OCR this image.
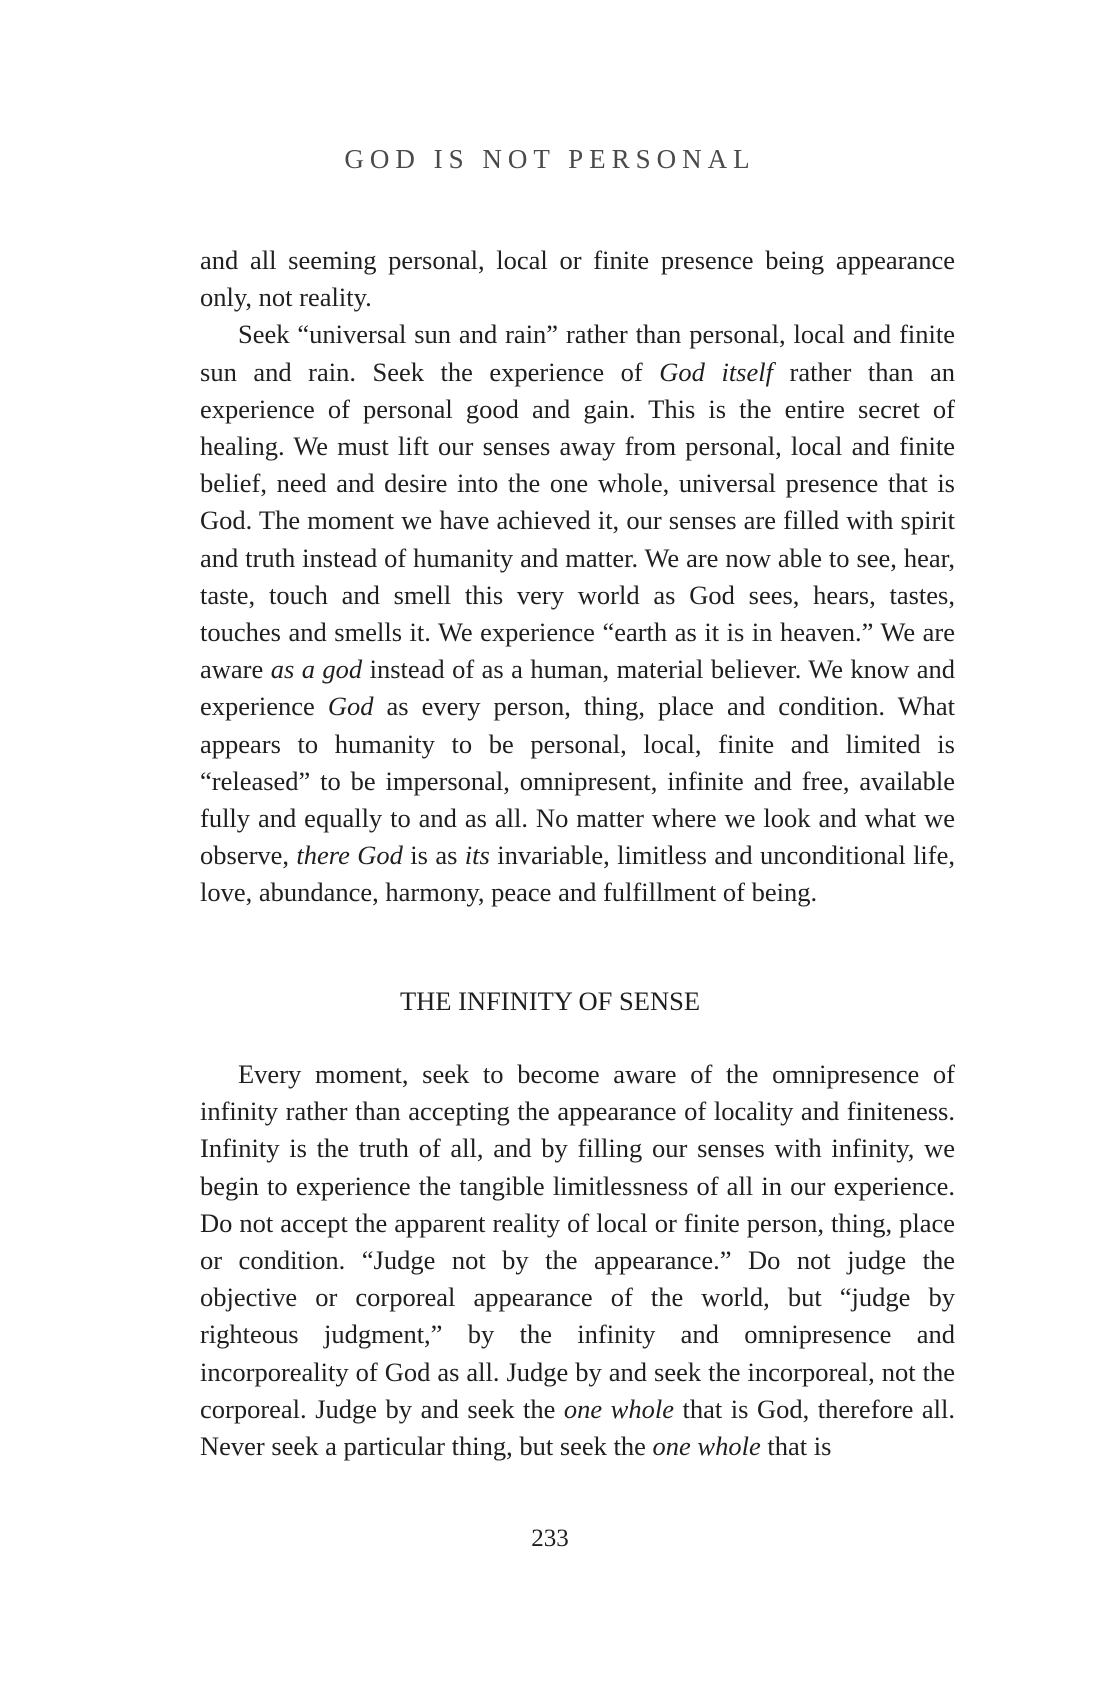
GOD IS NOT PERSONAL

and all seeming personal, local or finite presence being appearance only, not reality.

Seek “universal sun and rain” rather than personal, local and finite sun and rain. Seek the experience of God itself rather than an experience of personal good and gain. This is the entire secret of healing. We must lift our senses away from personal, local and finite belief, need and desire into the one whole, universal presence that is God. The moment we have achieved it, our senses are filled with spirit and truth instead of humanity and matter. We are now able to see, hear, taste, touch and smell this very world as God sees, hears, tastes, touches and smells it. We experience “earth as it is in heaven.” We are aware as a god instead of as a human, material believer. We know and experience God as every person, thing, place and condition. What appears to humanity to be personal, local, finite and limited is “released” to be impersonal, omnipresent, infinite and free, available fully and equally to and as all. No matter where we look and what we observe, there God is as its invariable, limitless and unconditional life, love, abundance, harmony, peace and fulfillment of being.

THE INFINITY OF SENSE

Every moment, seek to become aware of the omnipresence of infinity rather than accepting the appearance of locality and finiteness. Infinity is the truth of all, and by filling our senses with infinity, we begin to experience the tangible limitlessness of all in our experience. Do not accept the apparent reality of local or finite person, thing, place or condition. “Judge not by the appearance.” Do not judge the objective or corporeal appearance of the world, but “judge by righteous judgment,” by the infinity and omnipresence and incorporeality of God as all. Judge by and seek the incorporeal, not the corporeal. Judge by and seek the one whole that is God, therefore all. Never seek a particular thing, but seek the one whole that is

233
